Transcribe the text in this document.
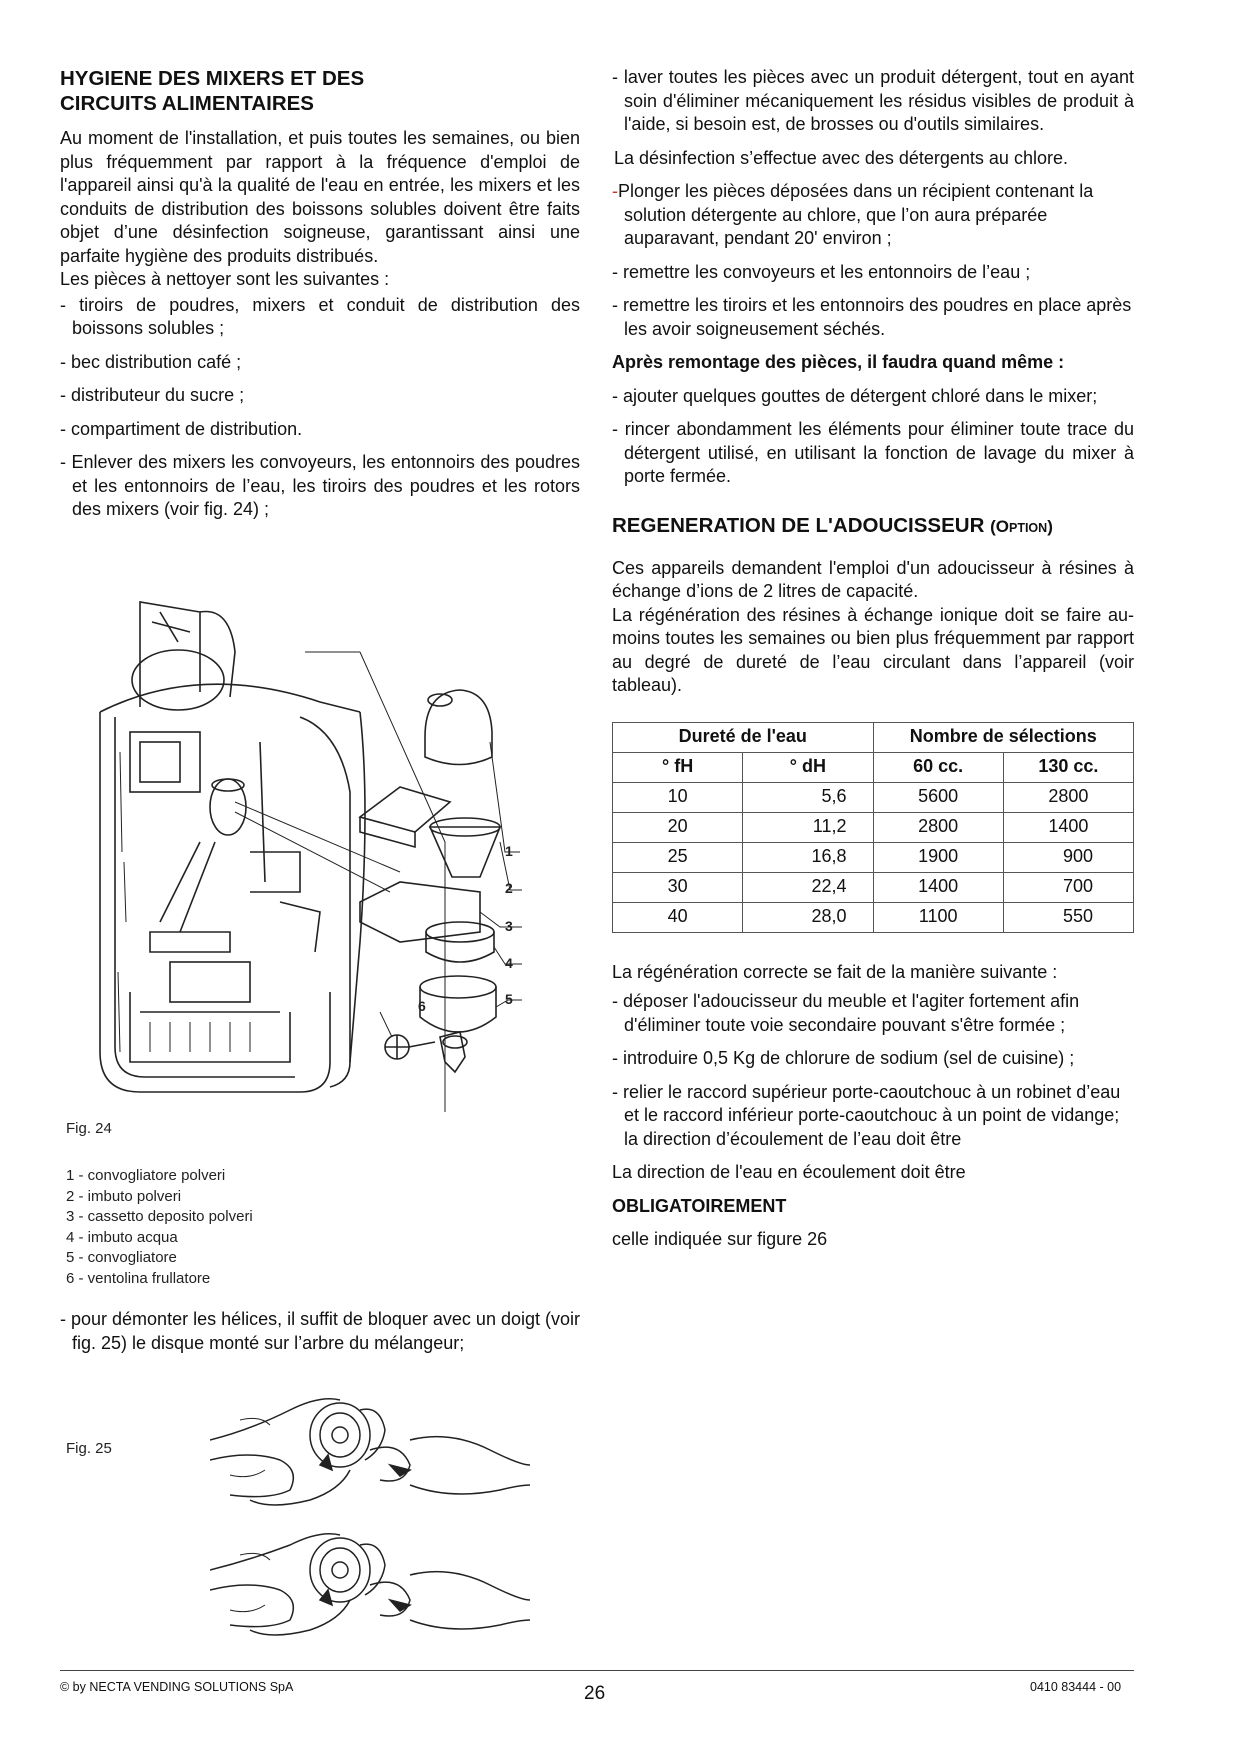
HYGIENE DES MIXERS ET DES
CIRCUITS ALIMENTAIRES

Au moment de l'installation, et puis toutes les semaines, ou bien plus fréquemment par rapport à la fréquence d'emploi de l'appareil ainsi qu'à la qualité de l'eau en entrée, les mixers et les conduits de distribution des boissons solubles doivent être faits objet d’une désinfection soigneuse, garantissant ainsi une parfaite hygiène des produits distribués.

Les pièces à nettoyer sont les suivantes :

- tiroirs de poudres, mixers et conduit de distribution des boissons solubles ;

- bec distribution café ;

- distributeur du sucre ;

- compartiment de distribution.

- Enlever des mixers les convoyeurs, les entonnoirs des poudres et les entonnoirs de l’eau, les tiroirs des poudres et les rotors des mixers (voir fig. 24) ;

1
2
3
4
5
6
Fig. 24
1 - convogliatore polveri
2 - imbuto polveri
3 - cassetto deposito polveri
4 - imbuto acqua
5 - convogliatore
6 - ventolina frullatore

- pour démonter les hélices, il suffit de bloquer avec un doigt (voir fig. 25) le disque monté sur l’arbre du mélangeur;

Fig. 25

- laver toutes les pièces avec un produit détergent, tout en ayant soin d'éliminer mécaniquement les résidus visibles de produit à l'aide, si besoin est, de brosses ou d'outils similaires.

La désinfection s’effectue avec des détergents au chlore.

-Plonger les pièces déposées dans un récipient contenant la solution détergente au chlore, que l’on aura préparée auparavant, pendant 20' environ ;

- remettre les convoyeurs et les entonnoirs de l’eau ;

- remettre les tiroirs et les entonnoirs des poudres en place après les avoir soigneusement séchés.

Après remontage des pièces, il faudra quand même :

- ajouter quelques gouttes de détergent chloré dans le mixer;

- rincer abondamment les éléments pour éliminer toute trace du détergent utilisé, en utilisant la fonction de lavage du mixer à porte fermée.

REGENERATION DE L'ADOUCISSEUR (OPTION)

Ces appareils demandent l'emploi d'un adoucisseur à résines à échange d’ions de 2 litres de capacité.

La régénération des résines à échange ionique doit se faire au-moins toutes les semaines ou bien plus fréquemment par rapport au degré de dureté de l’eau circulant dans l’appareil (voir tableau).

Dureté de l'eau		Nombre de sélections	
° fH	° dH	60 cc.	130 cc.
10	5,6	5600	2800
20	11,2	2800	1400
25	16,8	1900	900
30	22,4	1400	700
40	28,0	1100	550

La régénération correcte se fait de la manière suivante :

- déposer l'adoucisseur du meuble et l'agiter fortement afin d'éliminer toute voie secondaire pouvant s'être formée ;

- introduire 0,5 Kg de chlorure de sodium (sel de cuisine) ;

- relier le raccord supérieur porte-caoutchouc à un robinet d’eau et le raccord inférieur porte-caoutchouc à un point de vidange; la direction d’écoulement de l’eau doit être

La direction de l'eau en écoulement doit être

OBLIGATOIREMENT

celle indiquée sur figure 26

© by NECTA VENDING SOLUTIONS SpA	26	0410 83444 - 00
